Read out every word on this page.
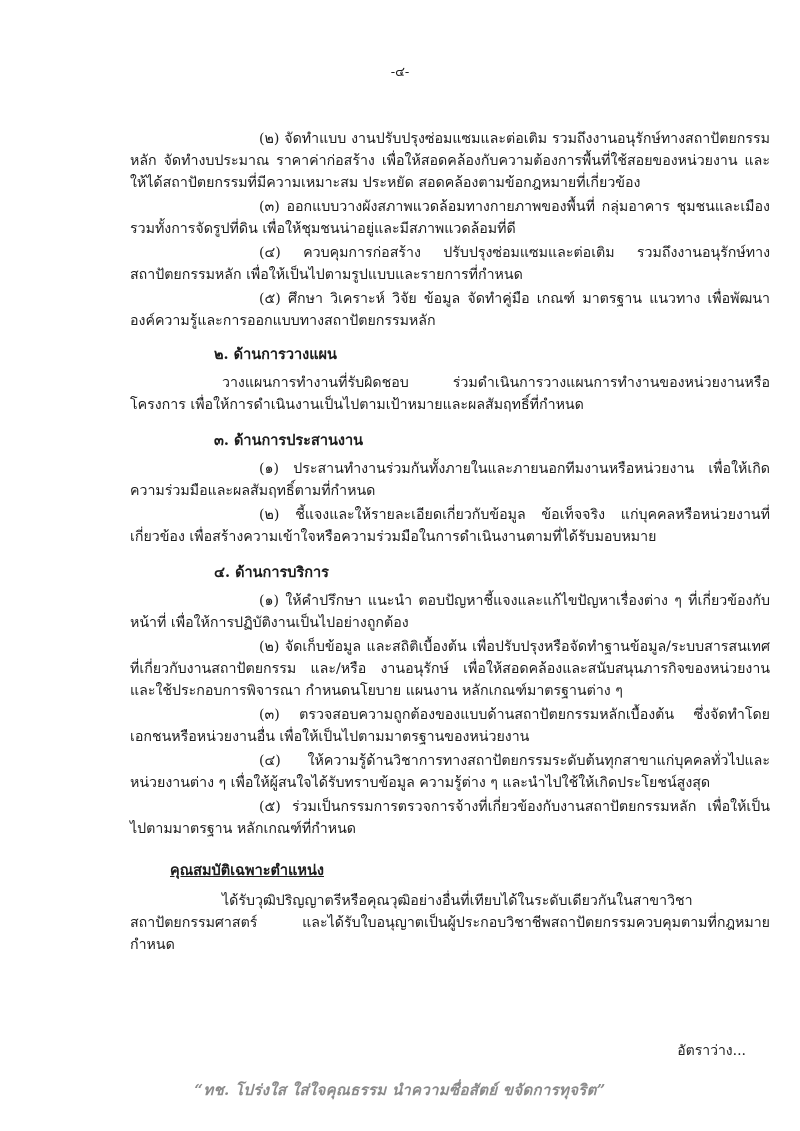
-๔-

(๒) จัดทำแบบ งานปรับปรุงซ่อมแซมและต่อเติม รวมถึงงานอนุรักษ์ทางสถาปัตยกรรมหลัก จัดทำงบประมาณ ราคาค่าก่อสร้าง เพื่อให้สอดคล้องกับความต้องการพื้นที่ใช้สอยของหน่วยงาน และให้ได้สถาปัตยกรรมที่มีความเหมาะสม ประหยัด สอดคล้องตามข้อกฎหมายที่เกี่ยวข้อง

(๓) ออกแบบวางผังสภาพแวดล้อมทางกายภาพของพื้นที่ กลุ่มอาคาร ชุมชนและเมือง รวมทั้งการจัดรูปที่ดิน เพื่อให้ชุมชนน่าอยู่และมีสภาพแวดล้อมที่ดี

(๔) ควบคุมการก่อสร้าง ปรับปรุงซ่อมแซมและต่อเติม รวมถึงงานอนุรักษ์ทางสถาปัตยกรรมหลัก เพื่อให้เป็นไปตามรูปแบบและรายการที่กำหนด

(๕) ศึกษา วิเคราะห์ วิจัย ข้อมูล จัดทำคู่มือ เกณฑ์ มาตรฐาน แนวทาง เพื่อพัฒนาองค์ความรู้และการออกแบบทางสถาปัตยกรรมหลัก

๒. ด้านการวางแผน

วางแผนการทำงานที่รับผิดชอบ ร่วมดำเนินการวางแผนการทำงานของหน่วยงานหรือโครงการ เพื่อให้การดำเนินงานเป็นไปตามเป้าหมายและผลสัมฤทธิ์ที่กำหนด

๓. ด้านการประสานงาน

(๑) ประสานทำงานร่วมกันทั้งภายในและภายนอกทีมงานหรือหน่วยงาน เพื่อให้เกิดความร่วมมือและผลสัมฤทธิ์ตามที่กำหนด

(๒) ชี้แจงและให้รายละเอียดเกี่ยวกับข้อมูล ข้อเท็จจริง แก่บุคคลหรือหน่วยงานที่เกี่ยวข้อง เพื่อสร้างความเข้าใจหรือความร่วมมือในการดำเนินงานตามที่ได้รับมอบหมาย

๔. ด้านการบริการ

(๑) ให้คำปรึกษา แนะนำ ตอบปัญหาชี้แจงและแก้ไขปัญหาเรื่องต่าง ๆ ที่เกี่ยวข้องกับหน้าที่ เพื่อให้การปฏิบัติงานเป็นไปอย่างถูกต้อง

(๒) จัดเก็บข้อมูล และสถิติเบื้องต้น เพื่อปรับปรุงหรือจัดทำฐานข้อมูล/ระบบสารสนเทศที่เกี่ยวกับงานสถาปัตยกรรม และ/หรือ งานอนุรักษ์ เพื่อให้สอดคล้องและสนับสนุนภารกิจของหน่วยงาน และใช้ประกอบการพิจารณา กำหนดนโยบาย แผนงาน หลักเกณฑ์มาตรฐานต่าง ๆ

(๓) ตรวจสอบความถูกต้องของแบบด้านสถาปัตยกรรมหลักเบื้องต้น ซึ่งจัดทำโดยเอกชนหรือหน่วยงานอื่น เพื่อให้เป็นไปตามมาตรฐานของหน่วยงาน

(๔) ให้ความรู้ด้านวิชาการทางสถาปัตยกรรมระดับต้นทุกสาขาแก่บุคคลทั่วไปและหน่วยงานต่าง ๆ เพื่อให้ผู้สนใจได้รับทราบข้อมูล ความรู้ต่าง ๆ และนำไปใช้ให้เกิดประโยชน์สูงสุด

(๕) ร่วมเป็นกรรมการตรวจการจ้างที่เกี่ยวข้องกับงานสถาปัตยกรรมหลัก เพื่อให้เป็นไปตามมาตรฐาน หลักเกณฑ์ที่กำหนด

คุณสมบัติเฉพาะตำแหน่ง

ได้รับวุฒิปริญญาตรีหรือคุณวุฒิอย่างอื่นที่เทียบได้ในระดับเดียวกันในสาขาวิชาสถาปัตยกรรมศาสตร์ และได้รับใบอนุญาตเป็นผู้ประกอบวิชาชีพสถาปัตยกรรมควบคุมตามที่กฎหมายกำหนด

อัตราว่าง...
“ทช. โปร่งใส ใส่ใจคุณธรรม นำความซื่อสัตย์ ขจัดการทุจริต”
